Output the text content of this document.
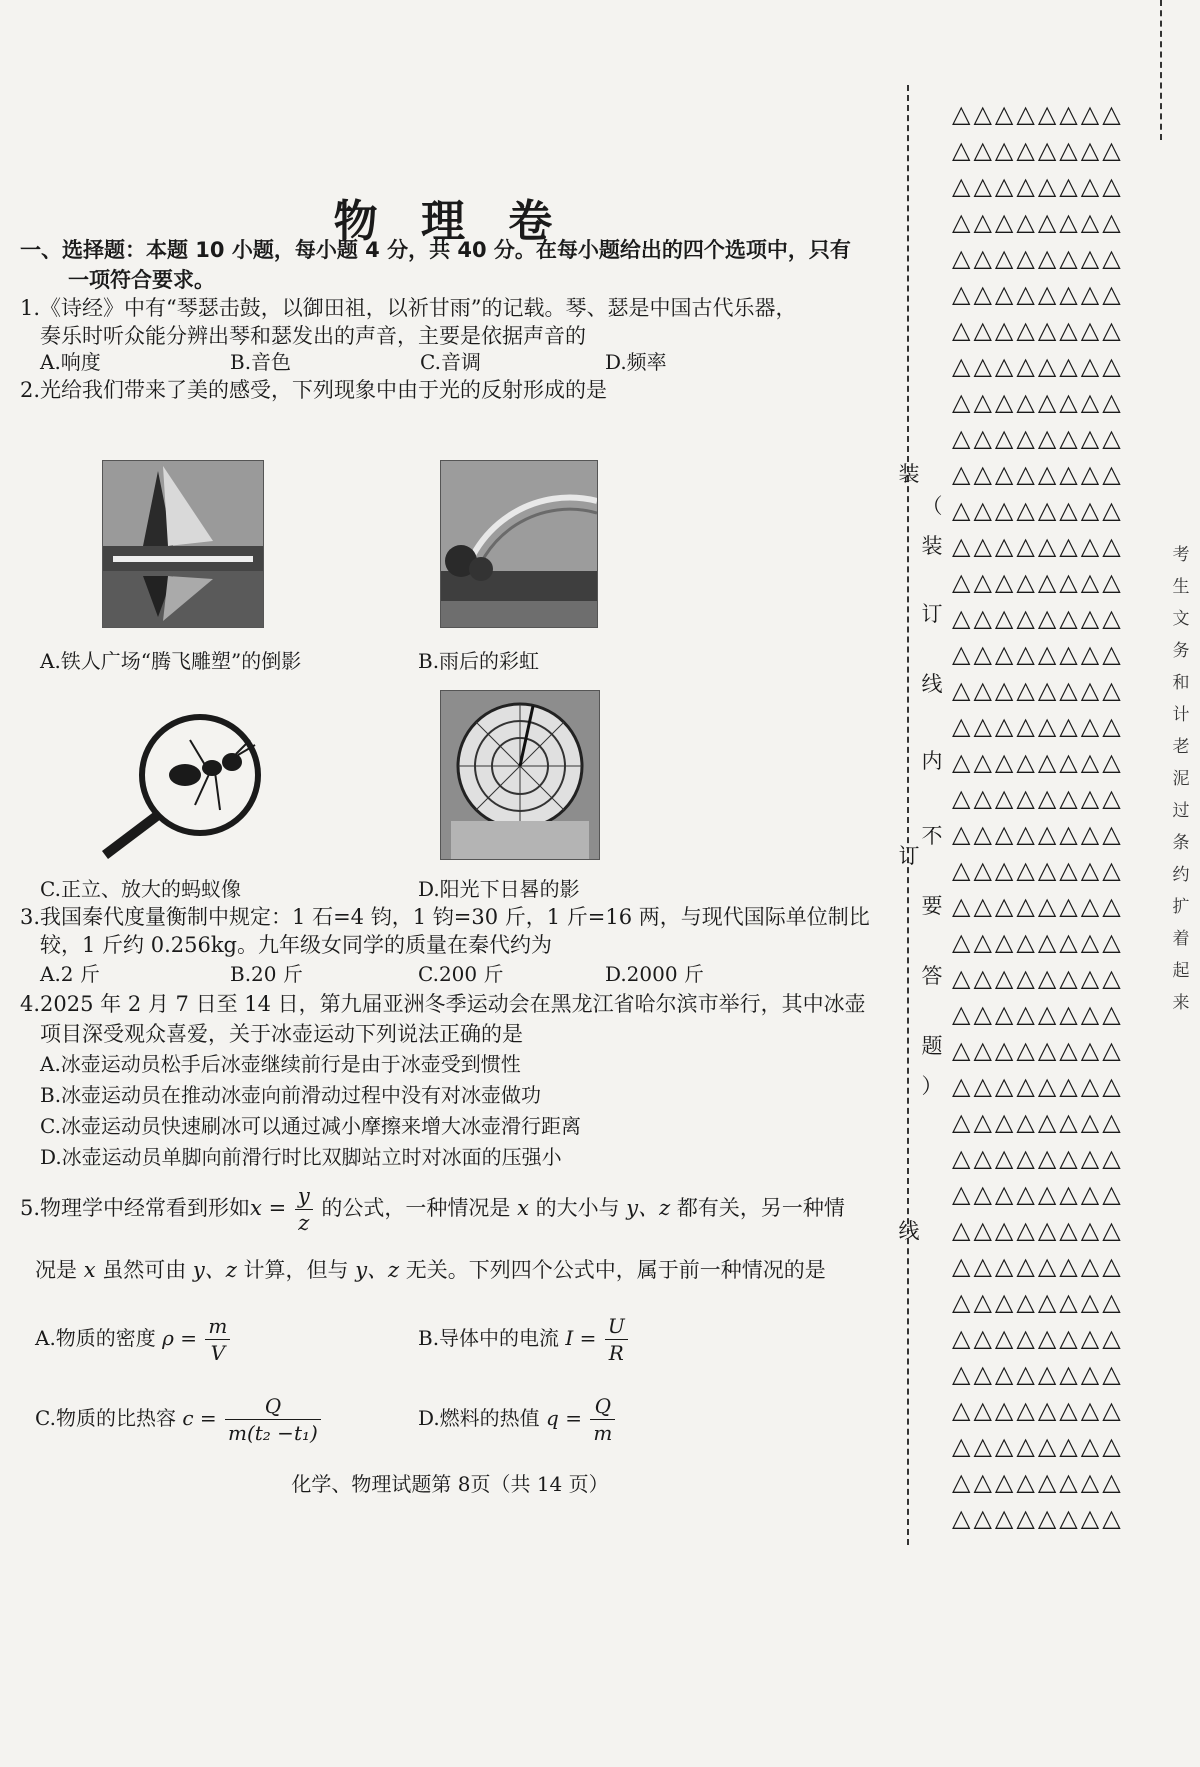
物 理 卷
一、选择题：本题 10 小题，每小题 4 分，共 40 分。在每小题给出的四个选项中，只有
一项符合要求。
1.《诗经》中有“琴瑟击鼓，以御田祖，以祈甘雨”的记载。琴、瑟是中国古代乐器，
奏乐时听众能分辨出琴和瑟发出的声音，主要是依据声音的
A.响度	B.音色	C.音调	D.频率
2.光给我们带来了美的感受，下列现象中由于光的反射形成的是
A.铁人广场“腾飞雕塑”的倒影	B.雨后的彩虹
C.正立、放大的蚂蚁像	D.阳光下日晷的影
3.我国秦代度量衡制中规定：1 石=4 钧，1 钧=30 斤，1 斤=16 两，与现代国际单位制比
较，1 斤约 0.256kg。九年级女同学的质量在秦代约为
A.2 斤	B.20 斤	C.200 斤	D.2000 斤
4.2025 年 2 月 7 日至 14 日，第九届亚洲冬季运动会在黑龙江省哈尔滨市举行，其中冰壶
项目深受观众喜爱，关于冰壶运动下列说法正确的是
A.冰壶运动员松手后冰壶继续前行是由于冰壶受到惯性
B.冰壶运动员在推动冰壶向前滑动过程中没有对冰壶做功
C.冰壶运动员快速刷冰可以通过减小摩擦来增大冰壶滑行距离
D.冰壶运动员单脚向前滑行时比双脚站立时对冰面的压强小
5.物理学中经常看到形如$x = \frac{y}{z}$ 的公式，一种情况是 x 的大小与 y、z 都有关，另一种情
况是 x 虽然可由 y、z 计算，但与 y、z 无关。下列四个公式中，属于前一种情况的是
A.物质的密度 $\rho = \frac{m}{V}$	B.导体中的电流 $I = \frac{U}{R}$
C.物质的比热容 $c = \frac{Q}{\text{m(t₂ −t₁)}}$	D.燃料的热值 $q = \frac{Q}{m}$
化学、物理试题第 8页（共 14 页）
装
（
装
订
线
内
不
订
要
答
题
）
线
△△△△△△△△
△△△△△△△△
△△△△△△△△
△△△△△△△△
△△△△△△△△
△△△△△△△△
△△△△△△△△
△△△△△△△△
△△△△△△△△
△△△△△△△△
△△△△△△△△
△△△△△△△△
△△△△△△△△
△△△△△△△△
△△△△△△△△
△△△△△△△△
△△△△△△△△
△△△△△△△△
△△△△△△△△
△△△△△△△△
△△△△△△△△
△△△△△△△△
△△△△△△△△
△△△△△△△△
△△△△△△△△
△△△△△△△△
△△△△△△△△
△△△△△△△△
△△△△△△△△
△△△△△△△△
△△△△△△△△
△△△△△△△△
△△△△△△△△
△△△△△△△△
△△△△△△△△
△△△△△△△△
△△△△△△△△
△△△△△△△△
△△△△△△△△
△△△△△△△△
考
生
文
务
和
计
老
泥
过
条
约
扩
着
起
来
